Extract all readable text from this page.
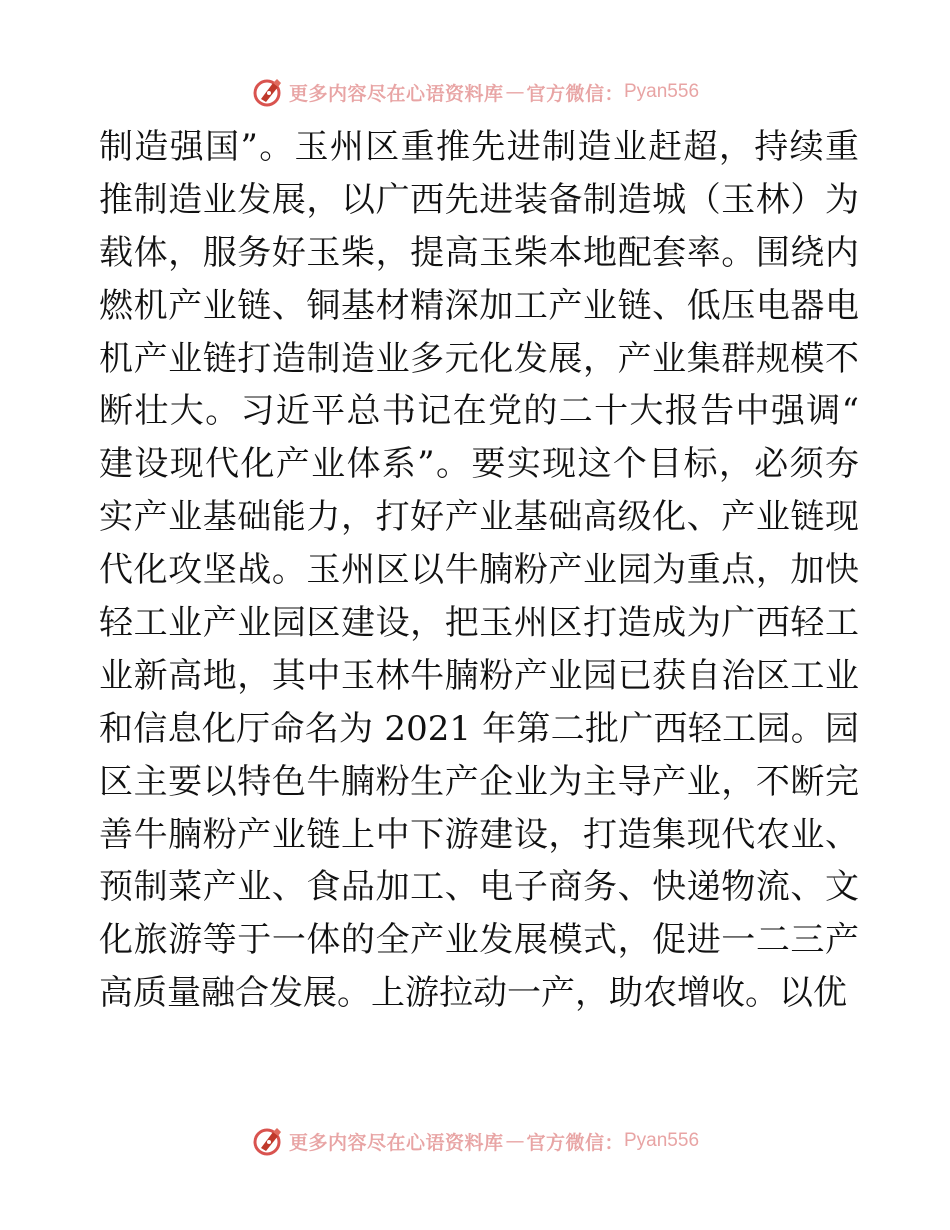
更多内容尽在心语资料库 — 官方微信： Pyan556
制造强国”。玉州区重推先进制造业赶超，持续重
推制造业发展，以广西先进装备制造城（玉林）为
载体，服务好玉柴，提高玉柴本地配套率。围绕内
燃机产业链、铜基材精深加工产业链、低压电器电
机产业链打造制造业多元化发展，产业集群规模不
断壮大。习近平总书记在党的二十大报告中强调“
建设现代化产业体系”。要实现这个目标，必须夯
实产业基础能力，打好产业基础高级化、产业链现
代化攻坚战。玉州区以牛腩粉产业园为重点，加快
轻工业产业园区建设，把玉州区打造成为广西轻工
业新高地，其中玉林牛腩粉产业园已获自治区工业
和信息化厅命名为 2021 年第二批广西轻工园。园
区主要以特色牛腩粉生产企业为主导产业，不断完
善牛腩粉产业链上中下游建设，打造集现代农业、
预制菜产业、食品加工、电子商务、快递物流、文
化旅游等于一体的全产业发展模式，促进一二三产
高质量融合发展。上游拉动一产，助农增收。以优
更多内容尽在心语资料库 — 官方微信： Pyan556
